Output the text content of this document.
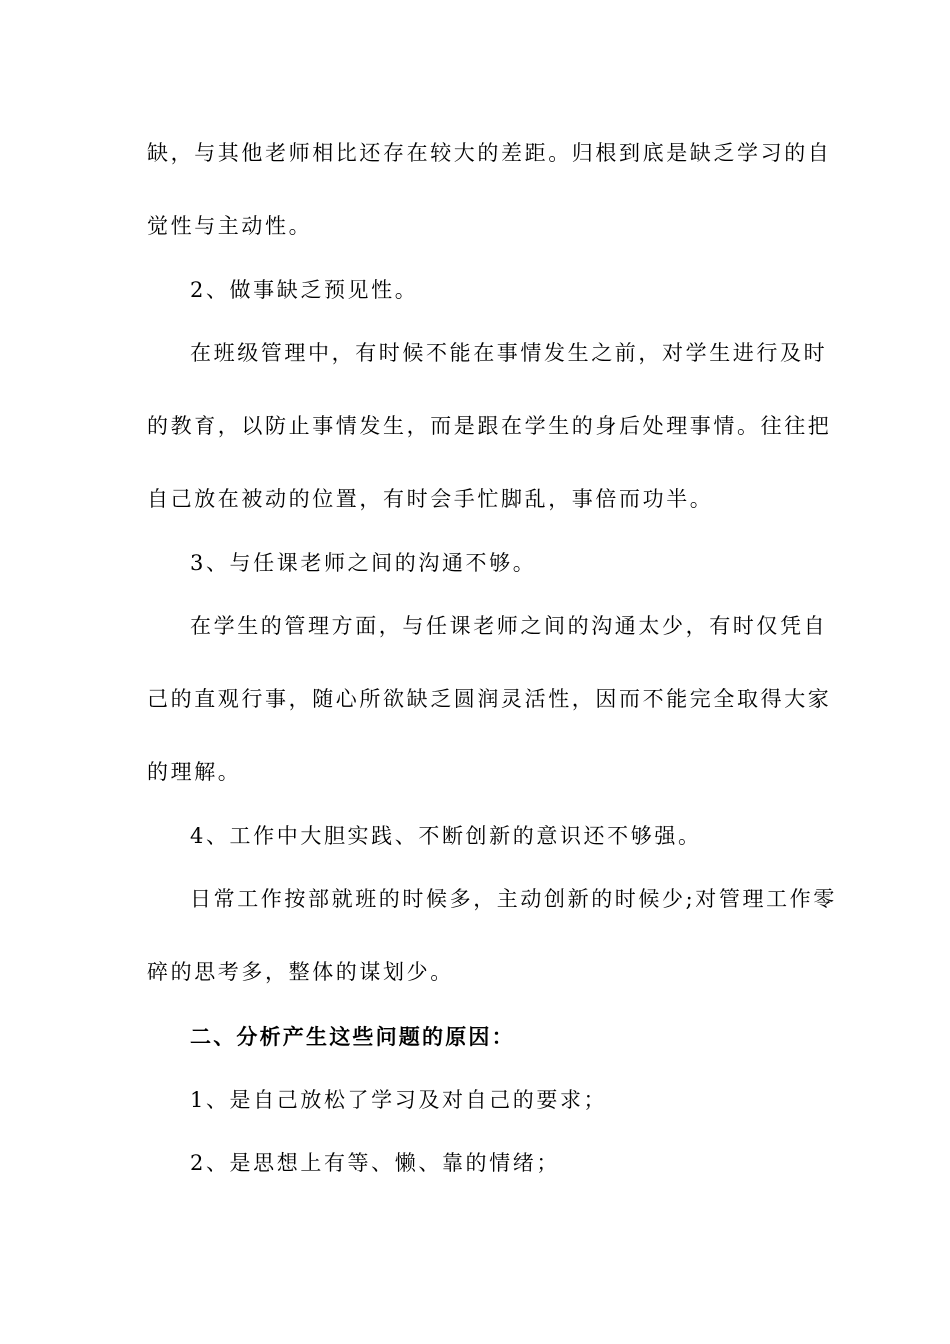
缺，与其他老师相比还存在较大的差距。归根到底是缺乏学习的自
觉性与主动性。
2、做事缺乏预见性。
在班级管理中，有时候不能在事情发生之前，对学生进行及时
的教育，以防止事情发生，而是跟在学生的身后处理事情。往往把
自己放在被动的位置，有时会手忙脚乱，事倍而功半。
3、与任课老师之间的沟通不够。
在学生的管理方面，与任课老师之间的沟通太少，有时仅凭自
己的直观行事，随心所欲缺乏圆润灵活性，因而不能完全取得大家
的理解。
4、工作中大胆实践、不断创新的意识还不够强。
日常工作按部就班的时候多，主动创新的时候少;对管理工作零
碎的思考多，整体的谋划少。
二、分析产生这些问题的原因：
1、是自己放松了学习及对自己的要求；
2、是思想上有等、懒、靠的情绪；
